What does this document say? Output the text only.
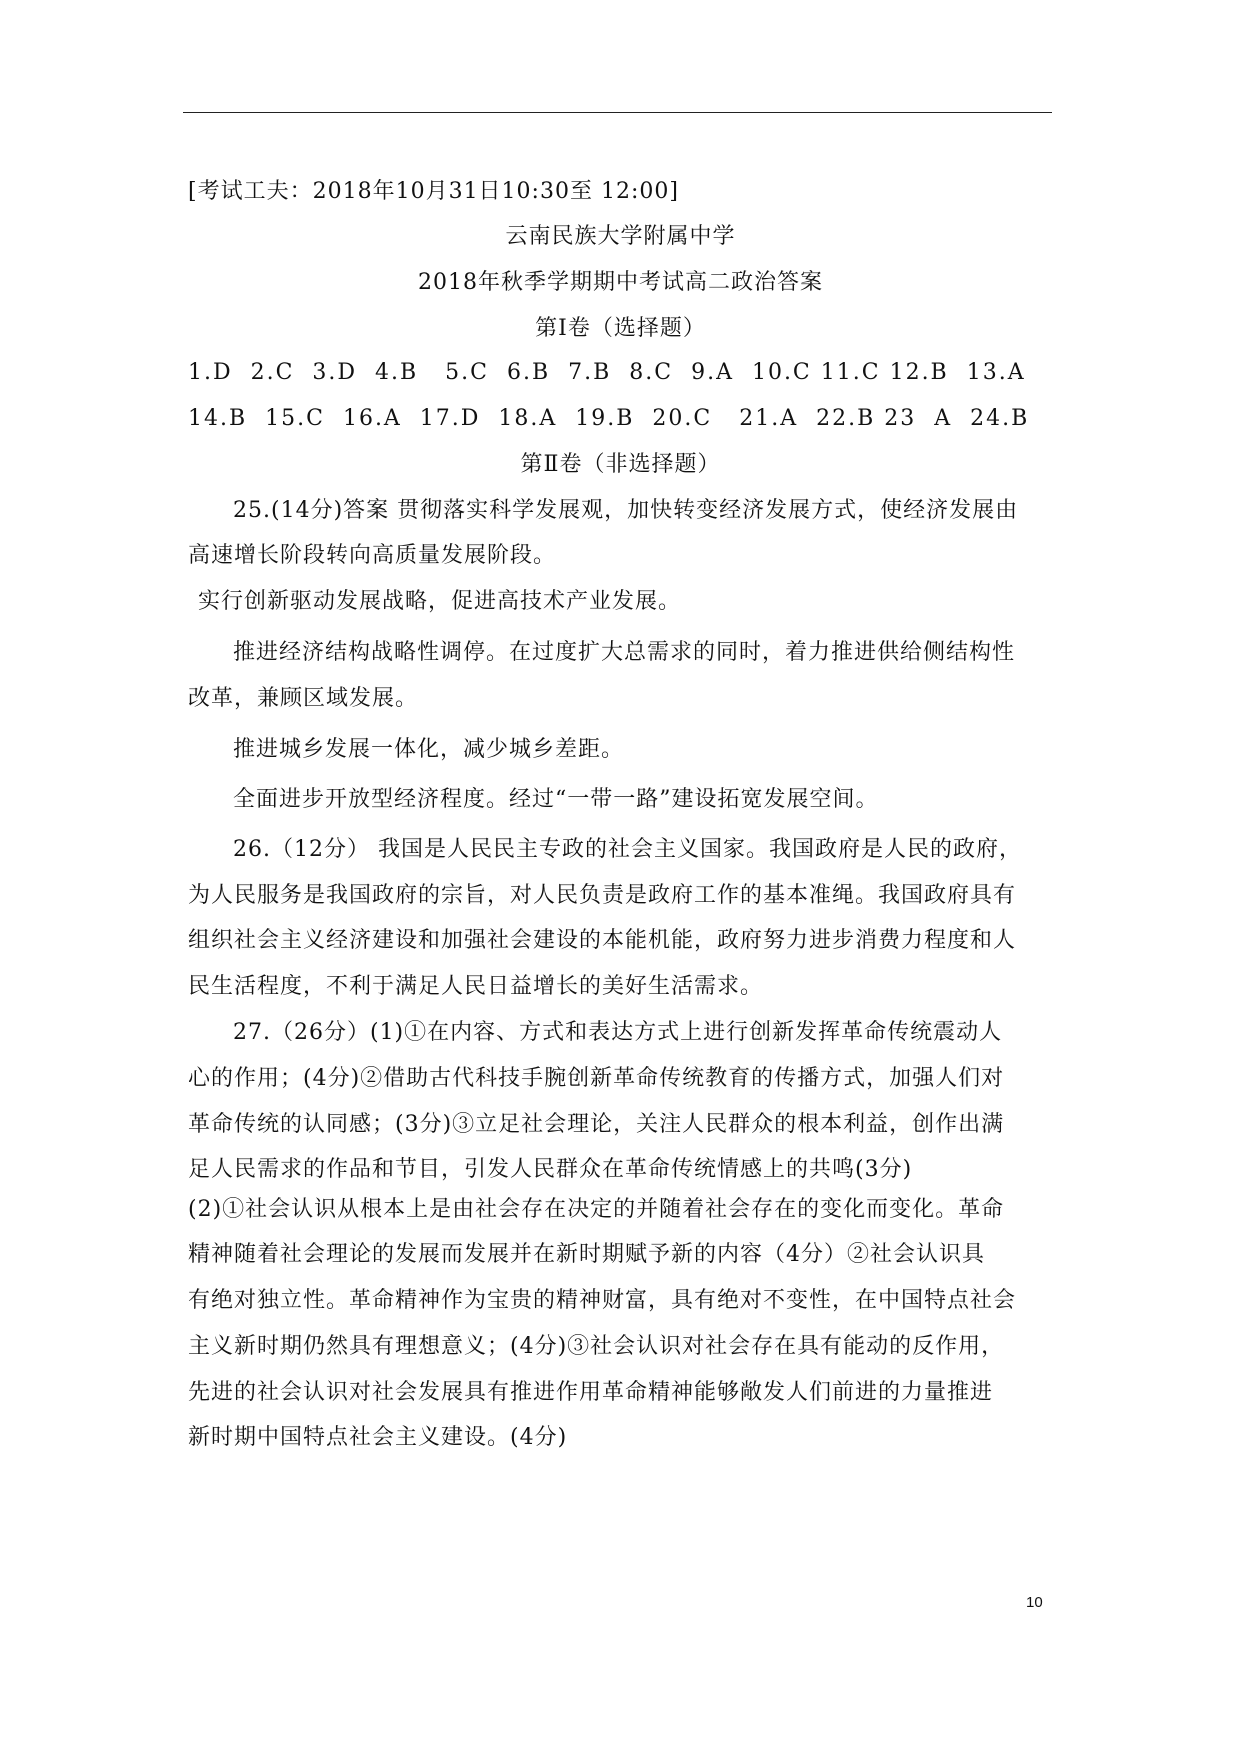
[考试工夫：2018年10月31日10:30至 12:00]
云南民族大学附属中学
2018年秋季学期期中考试高二政治答案
第Ⅰ卷（选择题）
1.D  2.C  3.D  4.B   5.C  6.B  7.B  8.C  9.A  10.C 11.C 12.B  13.A
14.B  15.C  16.A  17.D  18.A  19.B  20.C   21.A  22.B 23  A  24.B
第Ⅱ卷（非选择题）
25.(14分)答案 贯彻落实科学发展观，加快转变经济发展方式，使经济发展由
高速增长阶段转向高质量发展阶段。
实行创新驱动发展战略，促进高技术产业发展。
推进经济结构战略性调停。在过度扩大总需求的同时，着力推进供给侧结构性
改革，兼顾区域发展。
推进城乡发展一体化，减少城乡差距。
全面进步开放型经济程度。经过“一带一路”建设拓宽发展空间。
26.（12分） 我国是人民民主专政的社会主义国家。我国政府是人民的政府，
为人民服务是我国政府的宗旨，对人民负责是政府工作的基本准绳。我国政府具有
组织社会主义经济建设和加强社会建设的本能机能，政府努力进步消费力程度和人
民生活程度，不利于满足人民日益增长的美好生活需求。
27.（26分）(1)①在内容、方式和表达方式上进行创新发挥革命传统震动人
心的作用；(4分)②借助古代科技手腕创新革命传统教育的传播方式，加强人们对
革命传统的认同感；(3分)③立足社会理论，关注人民群众的根本利益，创作出满
足人民需求的作品和节目，引发人民群众在革命传统情感上的共鸣(3分)
(2)①社会认识从根本上是由社会存在决定的并随着社会存在的变化而变化。革命
精神随着社会理论的发展而发展并在新时期赋予新的内容（4分）②社会认识具
有绝对独立性。革命精神作为宝贵的精神财富，具有绝对不变性，在中国特点社会
主义新时期仍然具有理想意义；(4分)③社会认识对社会存在具有能动的反作用，
先进的社会认识对社会发展具有推进作用革命精神能够敞发人们前进的力量推进
新时期中国特点社会主义建设。(4分)
10
